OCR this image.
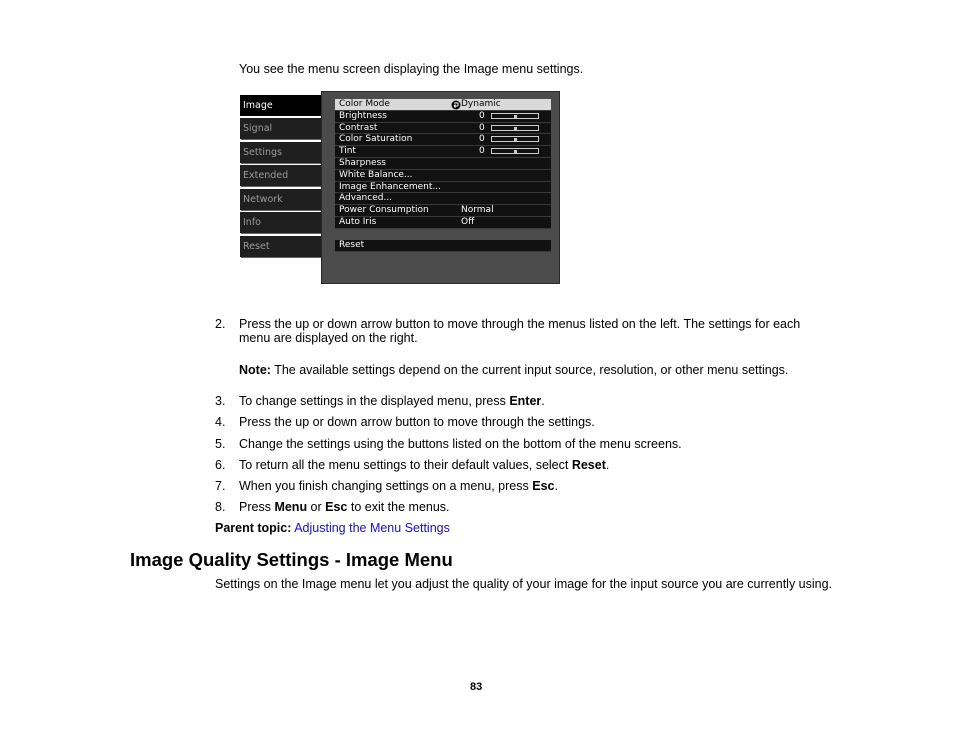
You see the menu screen displaying the Image menu settings.
Image
Signal
Settings
Extended
Network
Info
Reset	Reset
Color Mode	Dynamic
Brightness	0
Contrast	0
Color Saturation	0
Tint	0
Sharpness
White Balance...
Image Enhancement...
Advanced...
Power Consumption	Normal
Auto Iris	Off
2. Press the up or down arrow button to move through the menus listed on the left. The settings for each menu are displayed on the right.
3. To change settings in the displayed menu, press Enter.
4. Press the up or down arrow button to move through the settings.
5. Change the settings using the buttons listed on the bottom of the menu screens.
6. To return all the menu settings to their default values, select Reset.
7. When you finish changing settings on a menu, press Esc.
8. Press Menu or Esc to exit the menus.
Note: The available settings depend on the current input source, resolution, or other menu settings.
Parent topic: Adjusting the Menu Settings
Image Quality Settings - Image Menu
Settings on the Image menu let you adjust the quality of your image for the input source you are currently using.
83
